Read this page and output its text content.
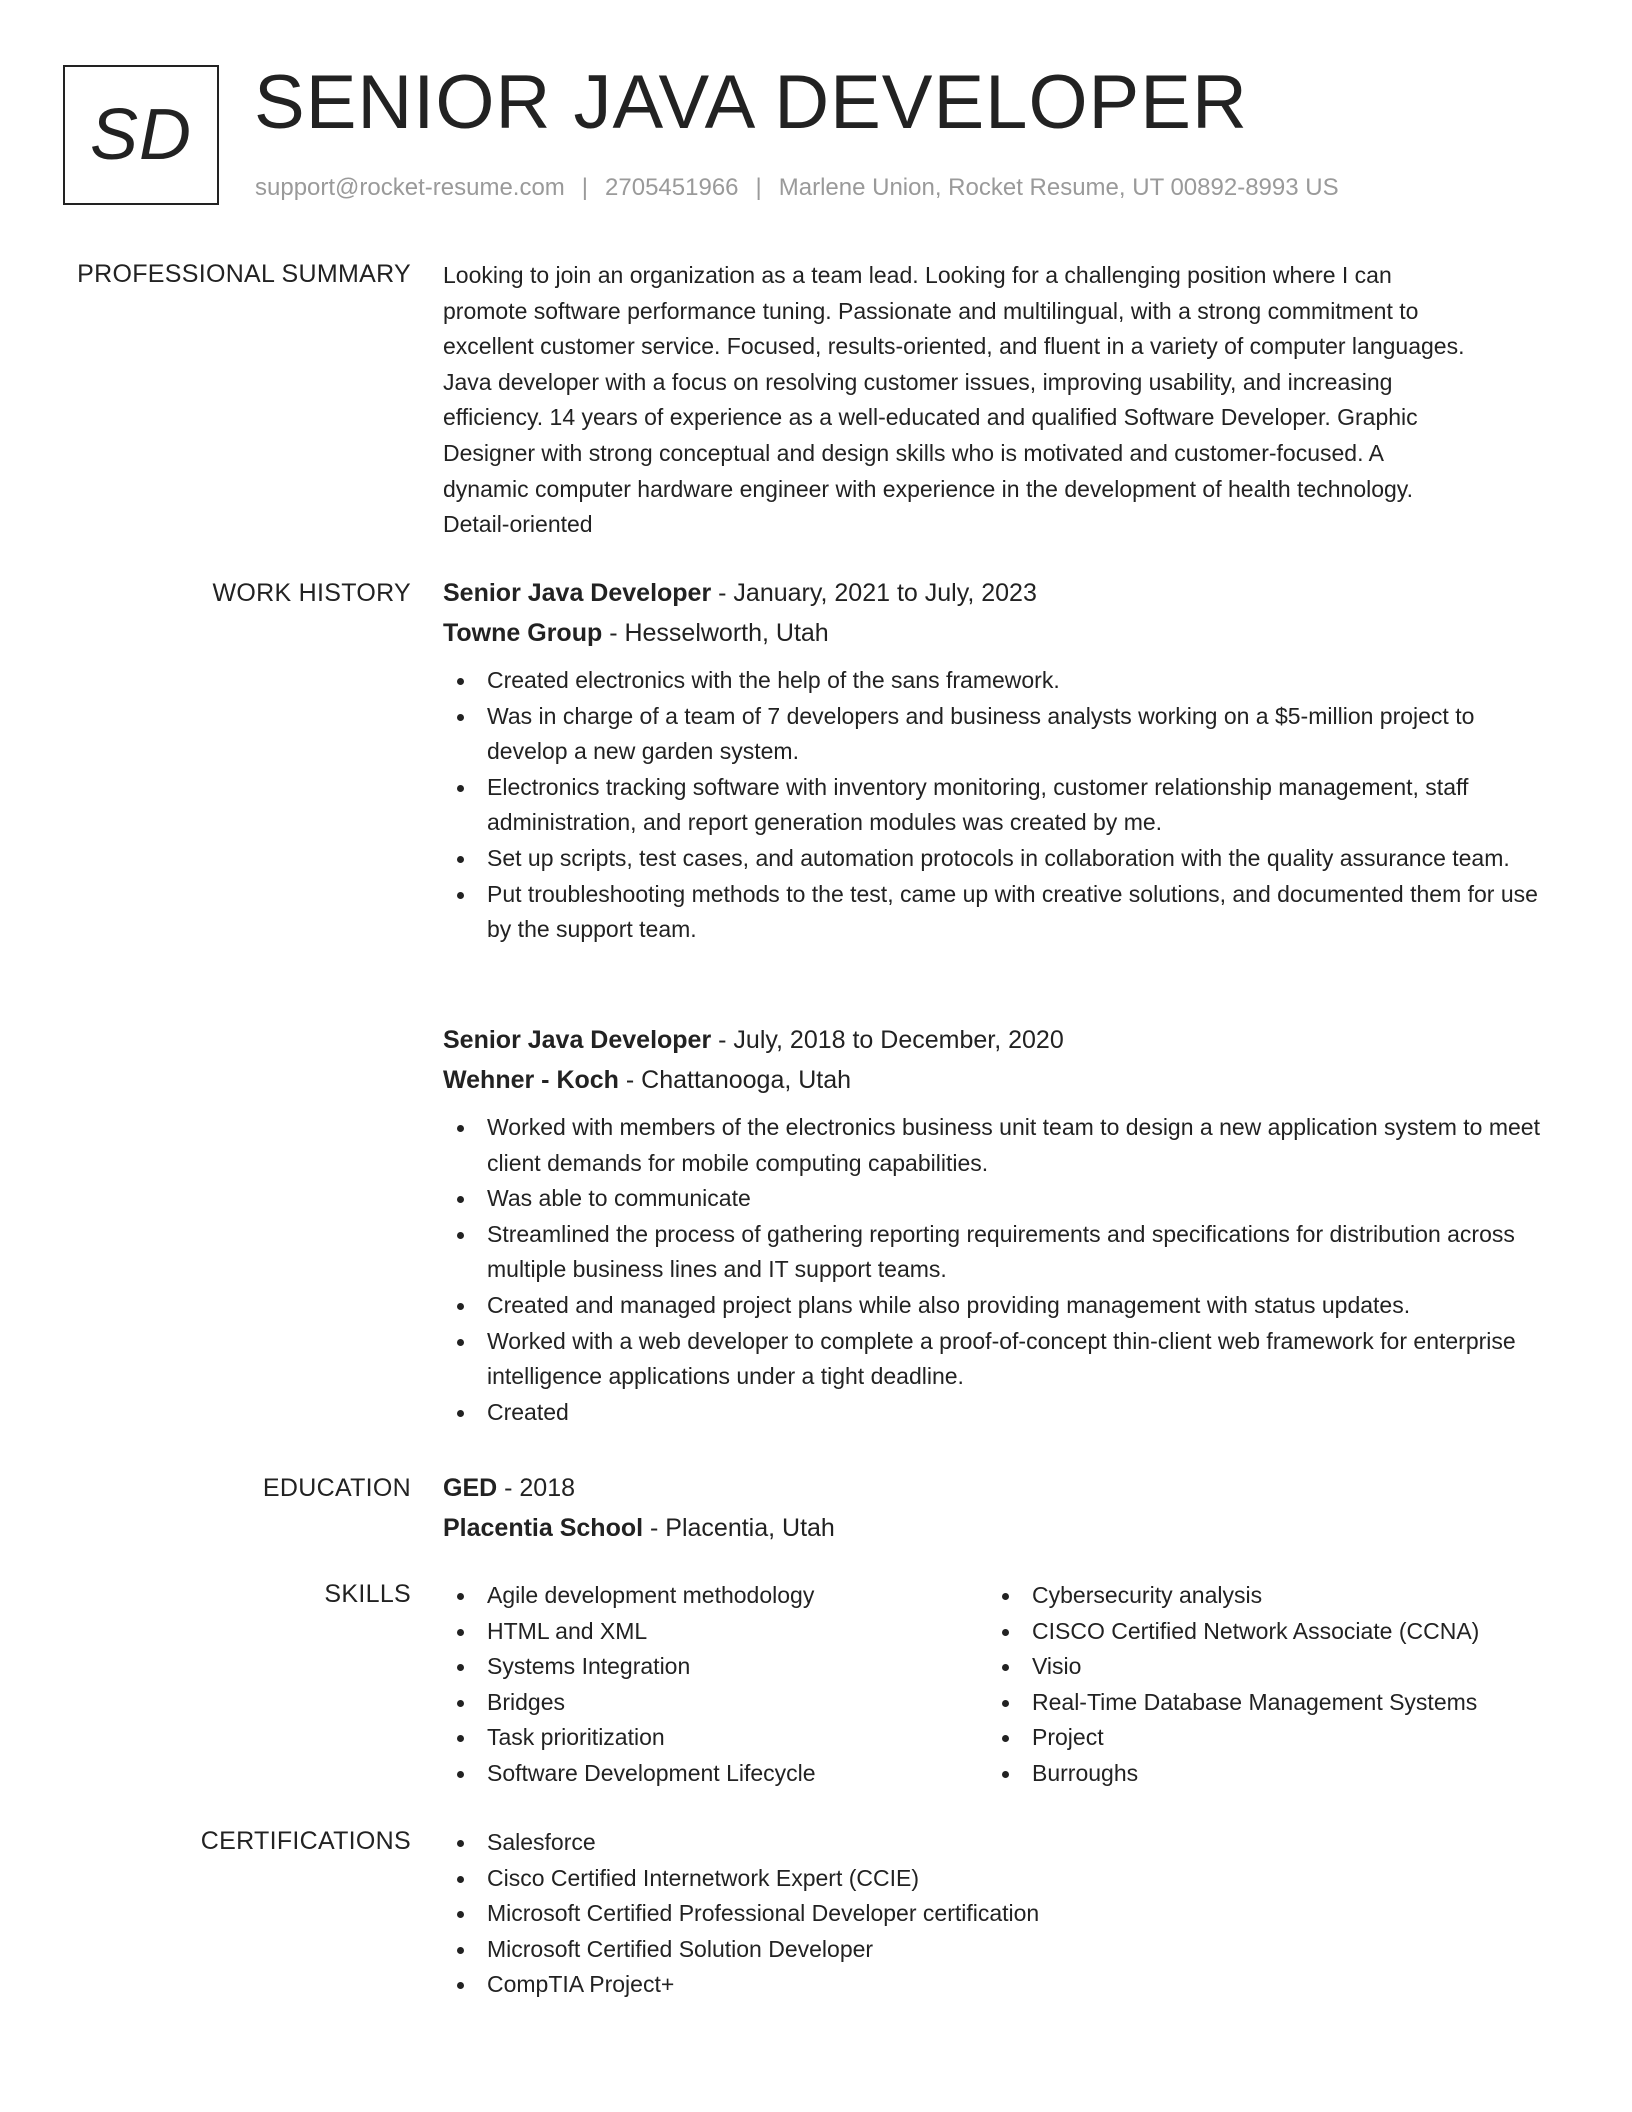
SD SENIOR JAVA DEVELOPER
support@rocket-resume.com | 2705451966 | Marlene Union, Rocket Resume, UT 00892-8993 US
PROFESSIONAL SUMMARY Looking to join an organization as a team lead. Looking for a challenging position where I can
promote software performance tuning. Passionate and multilingual, with a strong commitment to
excellent customer service. Focused, results-oriented, and fluent in a variety of computer languages.
Java developer with a focus on resolving customer issues, improving usability, and increasing
efficiency. 14 years of experience as a well-educated and qualified Software Developer. Graphic
Designer with strong conceptual and design skills who is motivated and customer-focused. A
dynamic computer hardware engineer with experience in the development of health technology.
Detail-oriented

WORK HISTORY Senior Java Developer - January, 2021 to July, 2023
Towne Group - Hesselworth, Utah
Created electronics with the help of the sans framework.
Was in charge of a team of 7 developers and business analysts working on a $5-million project to develop a new garden system.
Electronics tracking software with inventory monitoring, customer relationship management, staff administration, and report generation modules was created by me.
Set up scripts, test cases, and automation protocols in collaboration with the quality assurance team.
Put troubleshooting methods to the test, came up with creative solutions, and documented them for use by the support team.
Senior Java Developer - July, 2018 to December, 2020
Wehner - Koch - Chattanooga, Utah
Worked with members of the electronics business unit team to design a new application system to meet client demands for mobile computing capabilities.
Was able to communicate
Streamlined the process of gathering reporting requirements and specifications for distribution across multiple business lines and IT support teams.
Created and managed project plans while also providing management with status updates.
Worked with a web developer to complete a proof-of-concept thin-client web framework for enterprise intelligence applications under a tight deadline.
Created
EDUCATION GED - 2018
Placentia School - Placentia, Utah
SKILLS	Agile development methodology
HTML and XML
Systems Integration
Bridges
Task prioritization
Software Development Lifecycle
Cybersecurity analysis
CISCO Certified Network Associate (CCNA)
Visio
Real-Time Database Management Systems
Project
Burroughs
CERTIFICATIONS	Salesforce
Cisco Certified Internetwork Expert (CCIE)
Microsoft Certified Professional Developer certification
Microsoft Certified Solution Developer
CompTIA Project+
